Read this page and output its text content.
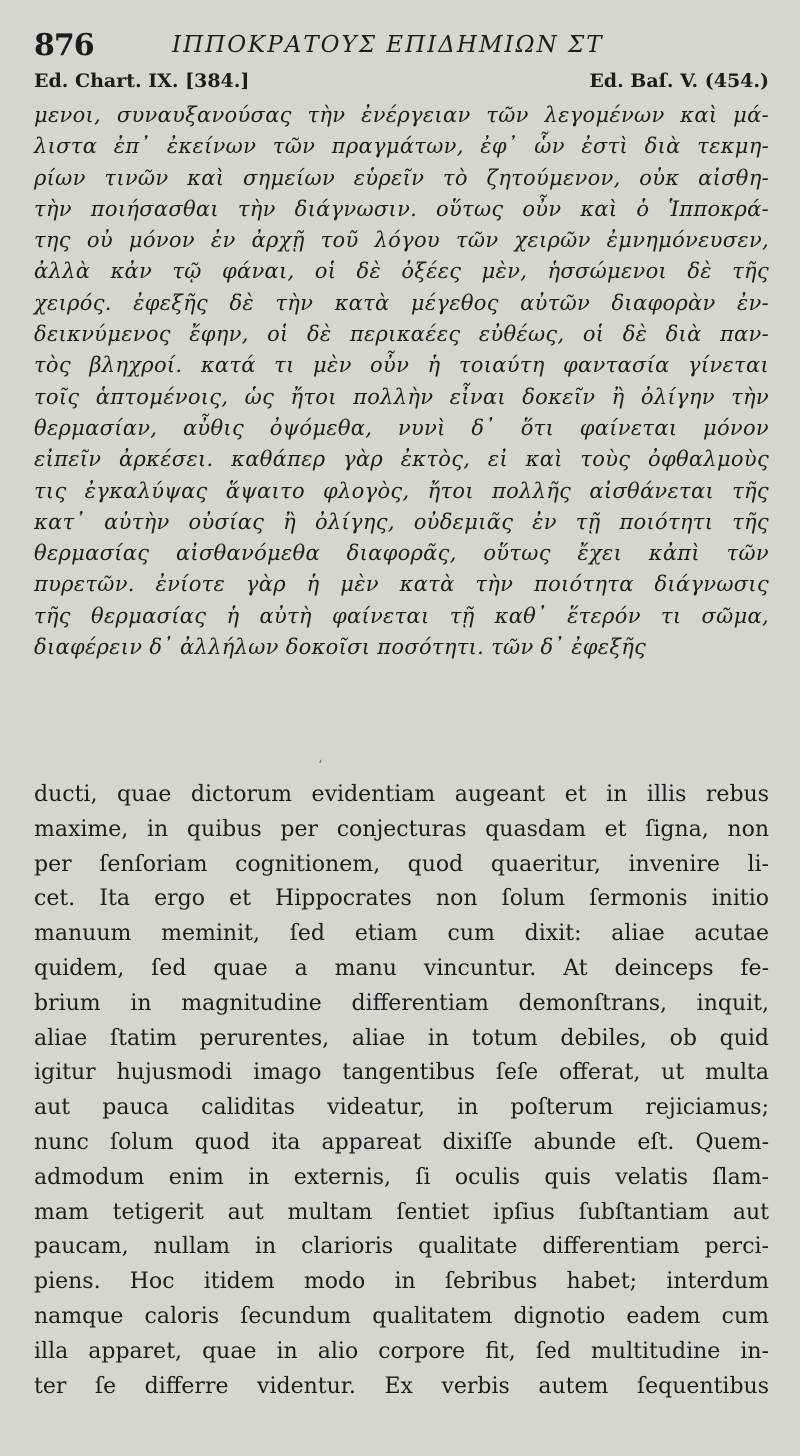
876	ΙΠΠΟΚΡΑΤΟΥΣ ΕΠΙΔΗΜΙΩΝ ΣΤ
Ed. Chart. IX. [384.]	Ed. Baſ. V. (454.)
μενοι, συναυξανούσας τὴν ἐνέργειαν τῶν λεγομένων καὶ μά-
λιστα ἐπ᾽ ἐκείνων τῶν πραγμάτων, ἐφ᾽ ὧν ἐστὶ διὰ τεκμη-
ρίων τινῶν καὶ σημείων εὑρεῖν τὸ ζητούμενον, οὐκ αἰσθη-
τὴν ποιήσασθαι τὴν διάγνωσιν. οὕτως οὖν καὶ ὁ Ἱπποκρά-
της οὐ μόνον ἐν ἀρχῇ τοῦ λόγου τῶν χειρῶν ἐμνημόνευσεν,
ἀλλὰ κἀν τῷ φάναι, οἱ δὲ ὀξέες μὲν, ἡσσώμενοι δὲ τῆς
χειρός. ἐφεξῆς δὲ τὴν κατὰ μέγεθος αὐτῶν διαφορὰν ἐν-
δεικνύμενος ἔφην, οἱ δὲ περικαέες εὐθέως, οἱ δὲ διὰ παν-
τὸς βληχροί. κατά τι μὲν οὖν ἡ τοιαύτη φαντασία γίνεται
τοῖς ἁπτομένοις, ὡς ἤτοι πολλὴν εἶναι δοκεῖν ἢ ὀλίγην τὴν
θερμασίαν, αὖθις ὀψόμεθα, νυνὶ δ᾽ ὅτι φαίνεται μόνον
εἰπεῖν ἀρκέσει. καθάπερ γὰρ ἐκτὸς, εἰ καὶ τοὺς ὀφθαλμοὺς
τις ἐγκαλύψας ἅψαιτο φλογὸς, ἤτοι πολλῆς αἰσθάνεται τῆς
κατ᾽ αὐτὴν οὐσίας ἢ ὀλίγης, οὐδεμιᾶς ἐν τῇ ποιότητι τῆς
θερμασίας αἰσθανόμεθα διαφορᾶς, οὕτως ἔχει κἀπὶ τῶν
πυρετῶν. ἐνίοτε γὰρ ἡ μὲν κατὰ τὴν ποιότητα διάγνωσις
τῆς θερμασίας ἡ αὐτὴ φαίνεται τῇ καθ᾽ ἕτερόν τι σῶμα,
διαφέρειν δ᾽ ἀλλήλων δοκοῖσι ποσότητι. τῶν δ᾽ ἐφεξῆς
‘
ducti, quae dictorum evidentiam augeant et in illis rebus
maxime, in quibus per conjecturas quasdam et ſigna, non
per ſenſoriam cognitionem, quod quaeritur, invenire li-
cet. Ita ergo et Hippocrates non ſolum ſermonis initio
manuum meminit, ſed etiam cum dixit: aliae acutae
quidem, ſed quae a manu vincuntur. At deinceps fe-
brium in magnitudine differentiam demonſtrans, inquit,
aliae ſtatim perurentes, aliae in totum debiles, ob quid
igitur hujusmodi imago tangentibus ſeſe offerat, ut multa
aut pauca caliditas videatur, in poſterum rejiciamus;
nunc ſolum quod ita appareat dixiſſe abunde eſt. Quem-
admodum enim in externis, ſi oculis quis velatis ſlam-
mam tetigerit aut multam ſentiet ipſius ſubſtantiam aut
paucam, nullam in clarioris qualitate differentiam perci-
piens. Hoc itidem modo in ſebribus habet; interdum
namque caloris ſecundum qualitatem dignotio eadem cum
illa apparet, quae in alio corpore fit, ſed multitudine in-
ter ſe differre videntur. Ex verbis autem ſequentibus
